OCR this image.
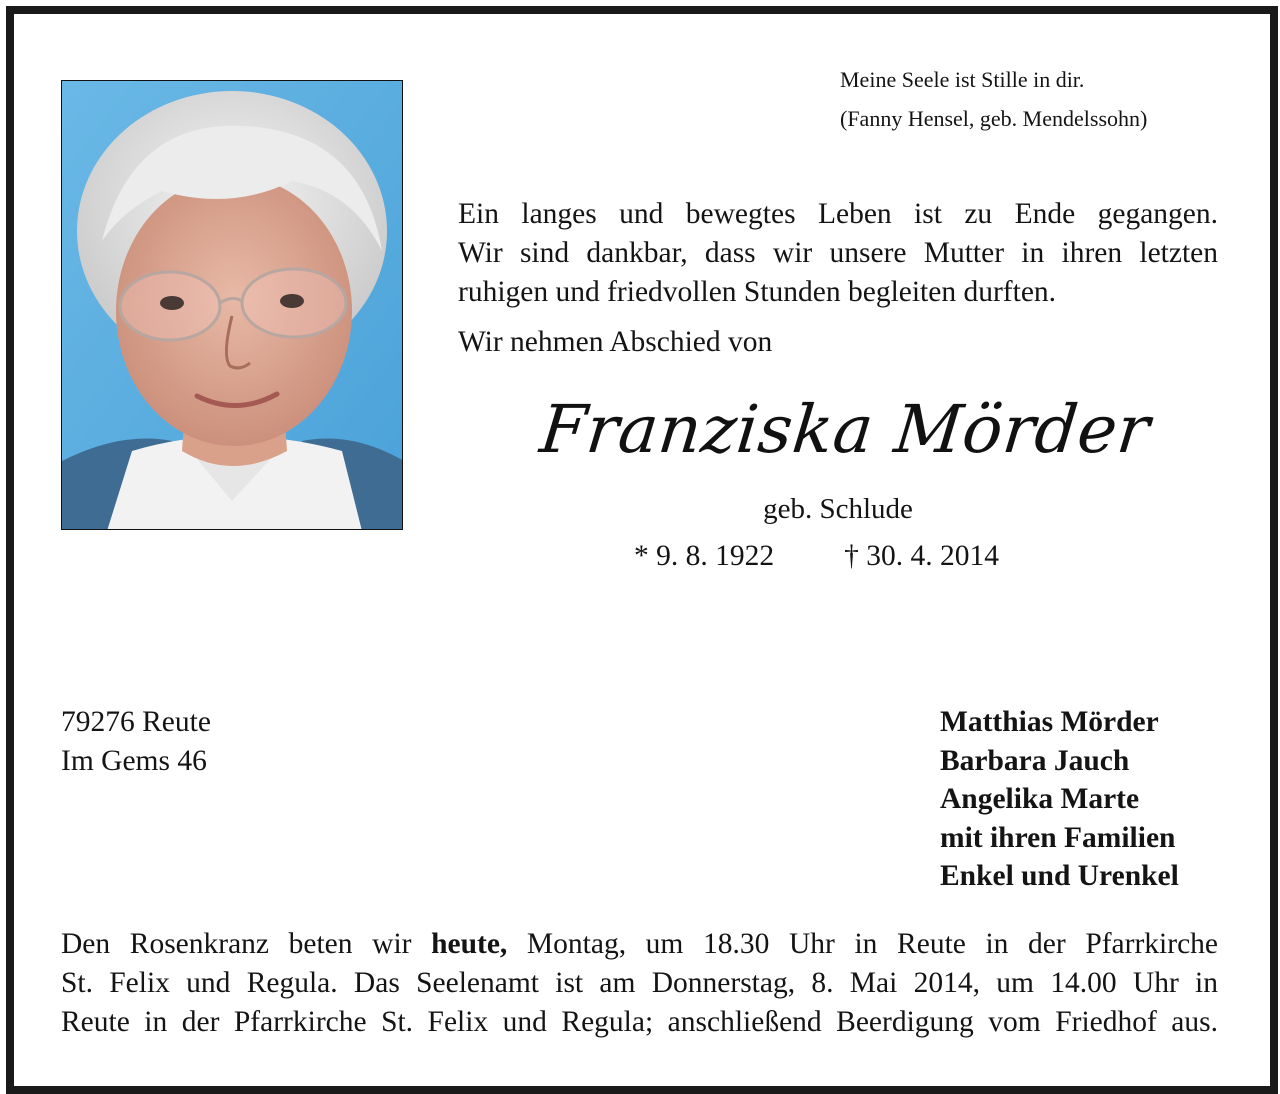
Meine Seele ist Stille in dir.
(Fanny Hensel, geb. Mendelssohn)
Ein langes und bewegtes Leben ist zu Ende gegangen.
Wir sind dankbar, dass wir unsere Mutter in ihren letzten
ruhigen und friedvollen Stunden begleiten durften.
Wir nehmen Abschied von
Franziska Mörder
geb. Schlude
* 9. 8. 1922 † 30. 4. 2014
79276 Reute
Im Gems 46
Matthias Mörder
Barbara Jauch
Angelika Marte
mit ihren Familien
Enkel und Urenkel
Den Rosenkranz beten wir heute, Montag, um 18.30 Uhr in Reute in der Pfarrkirche
St. Felix und Regula. Das Seelenamt ist am Donnerstag, 8. Mai 2014, um 14.00 Uhr in
Reute in der Pfarrkirche St. Felix und Regula; anschließend Beerdigung vom Friedhof aus.
